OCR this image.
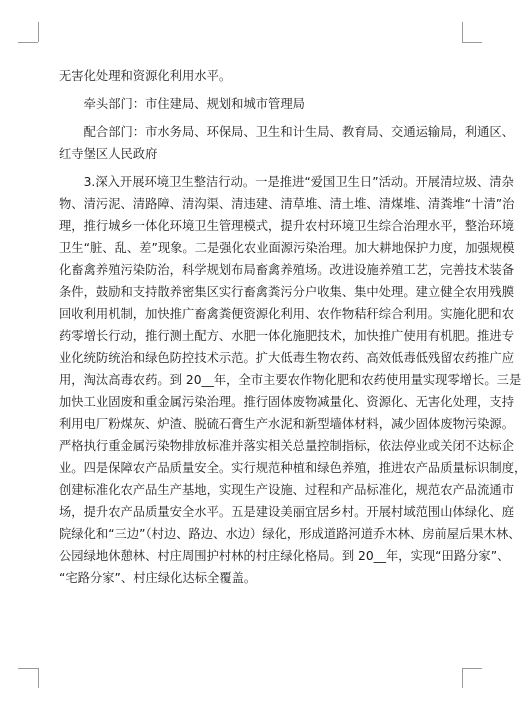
无害化处理和资源化利用水平。
　　牵头部门：市住建局、规划和城市管理局
　　配合部门：市水务局、环保局、卫生和计生局、教育局、交通运输局，利通区、
红寺堡区人民政府
　　3.深入开展环境卫生整洁行动。一是推进“爱国卫生日”活动。开展清垃圾、清杂
物、清污泥、清路障、清沟渠、清违建、清草堆、清土堆、清煤堆、清粪堆“十清”治
理，推行城乡一体化环境卫生管理模式，提升农村环境卫生综合治理水平，整治环境
卫生“脏、乱、差”现象。二是强化农业面源污染治理。加大耕地保护力度，加强规模
化畜禽养殖污染防治，科学规划布局畜禽养殖场。改进设施养殖工艺，完善技术装备
条件，鼓励和支持散养密集区实行畜禽粪污分户收集、集中处理。建立健全农用残膜
回收利用机制，加快推广畜禽粪便资源化利用、农作物秸秆综合利用。实施化肥和农
药零增长行动，推行测土配方、水肥一体化施肥技术，加快推广使用有机肥。推进专
业化统防统治和绿色防控技术示范。扩大低毒生物农药、高效低毒低残留农药推广应
用，淘汰高毒农药。到 20__年，全市主要农作物化肥和农药使用量实现零增长。三是
加快工业固废和重金属污染治理。推行固体废物减量化、资源化、无害化处理，支持
利用电厂粉煤灰、炉渣、脱硫石膏生产水泥和新型墙体材料，减少固体废物污染源。
严格执行重金属污染物排放标准并落实相关总量控制指标，依法停业或关闭不达标企
业。四是保障农产品质量安全。实行规范种植和绿色养殖，推进农产品质量标识制度，
创建标准化农产品生产基地，实现生产设施、过程和产品标准化，规范农产品流通市
场，提升农产品质量安全水平。五是建设美丽宜居乡村。开展村域范围山体绿化、庭
院绿化和“三边”（村边、路边、水边）绿化，形成道路河道乔木林、房前屋后果木林、
公园绿地休憩林、村庄周围护村林的村庄绿化格局。到 20__年，实现“田路分家”、
“宅路分家”、村庄绿化达标全覆盖。
